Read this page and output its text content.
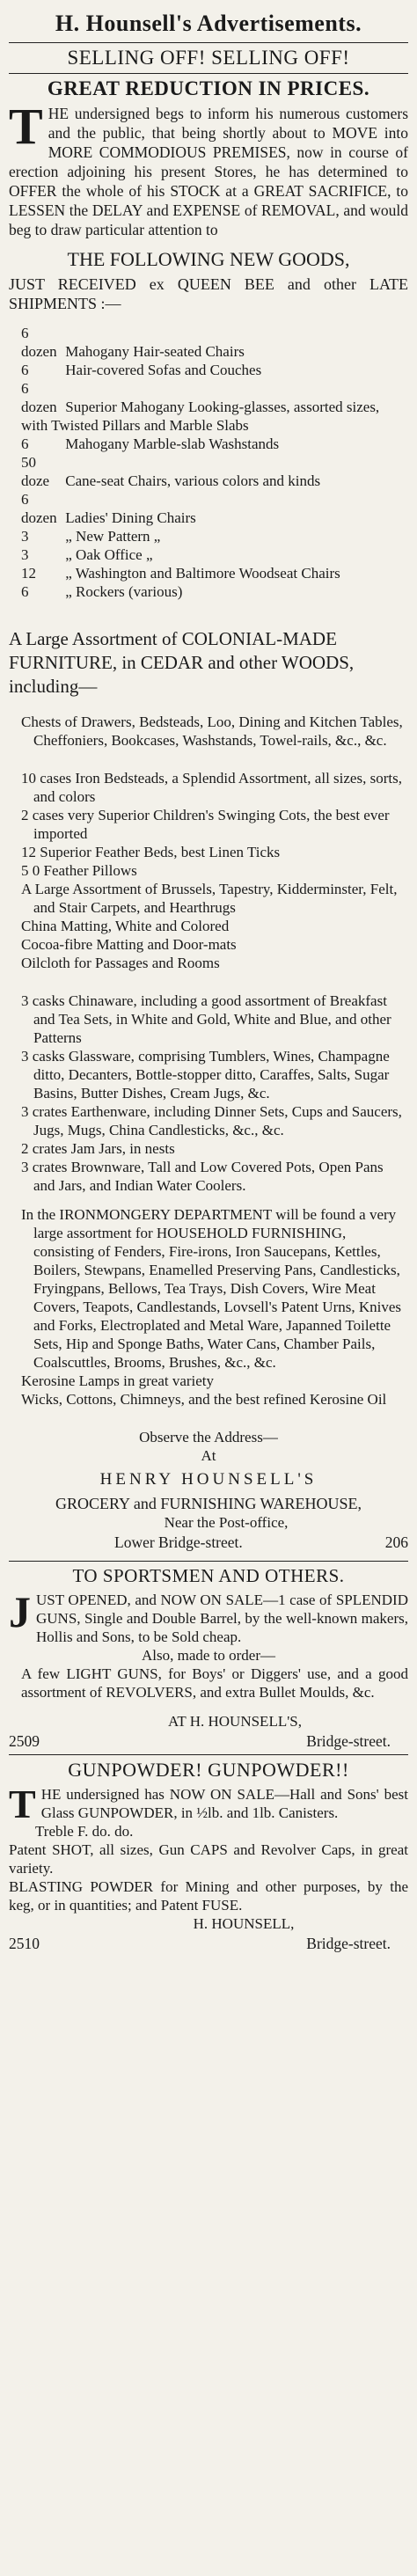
H. Hounsell's Advertisements.
SELLING OFF! SELLING OFF!
GREAT REDUCTION IN PRICES.

THE undersigned begs to inform his numerous customers and the public, that being shortly about to MOVE into MORE COMMODIOUS PREMISES, now in course of erection adjoining his present Stores, he has determined to OFFER the whole of his STOCK at a GREAT SACRIFICE, to LESSEN the DELAY and EXPENSE of REMOVAL, and would beg to draw particular attention to

THE FOLLOWING NEW GOODS,

JUST RECEIVED ex QUEEN BEE and other LATE SHIPMENTS :—

6 dozen Mahogany Hair-seated Chairs

6 Hair-covered Sofas and Couches

6 dozen Superior Mahogany Looking-glasses, assorted sizes, with Twisted Pillars and Marble Slabs

6 Mahogany Marble-slab Washstands

50 doze Cane-seat Chairs, various colors and kinds

6 dozen Ladies' Dining Chairs

3 „ New Pattern „

3 „ Oak Office „

12 „ Washington and Baltimore Woodseat Chairs

6 „ Rockers (various)

A Large Assortment of COLONIAL-MADE FURNITURE, in CEDAR and other WOODS, including—

Chests of Drawers, Bedsteads, Loo, Dining and Kitchen Tables, Cheffoniers, Bookcases, Washstands, Towel-rails, &c., &c.

10 cases Iron Bedsteads, a Splendid Assortment, all sizes, sorts, and colors

2 cases very Superior Children's Swinging Cots, the best ever imported

12 Superior Feather Beds, best Linen Ticks

5 0 Feather Pillows

A Large Assortment of Brussels, Tapestry, Kidderminster, Felt, and Stair Carpets, and Hearthrugs

China Matting, White and Colored

Cocoa-fibre Matting and Door-mats

Oilcloth for Passages and Rooms

3 casks Chinaware, including a good assortment of Breakfast and Tea Sets, in White and Gold, White and Blue, and other Patterns

3 casks Glassware, comprising Tumblers, Wines, Champagne ditto, Decanters, Bottle-stopper ditto, Caraffes, Salts, Sugar Basins, Butter Dishes, Cream Jugs, &c.

3 crates Earthenware, including Dinner Sets, Cups and Saucers, Jugs, Mugs, China Candlesticks, &c., &c.

2 crates Jam Jars, in nests

3 crates Brownware, Tall and Low Covered Pots, Open Pans and Jars, and Indian Water Coolers.

In the IRONMONGERY DEPARTMENT will be found a very large assortment for HOUSEHOLD FURNISHING, consisting of Fenders, Fire-irons, Iron Saucepans, Kettles, Boilers, Stewpans, Enamelled Preserving Pans, Candlesticks, Fryingpans, Bellows, Tea Trays, Dish Covers, Wire Meat Covers, Teapots, Candlestands, Lovsell's Patent Urns, Knives and Forks, Electroplated and Metal Ware, Japanned Toilette Sets, Hip and Sponge Baths, Water Cans, Chamber Pails, Coalscuttles, Brooms, Brushes, &c., &c.

Kerosine Lamps in great variety

Wicks, Cottons, Chimneys, and the best refined Kerosine Oil

Observe the Address—
At
HENRY HOUNSELL'S
GROCERY and FURNISHING WAREHOUSE,
Near the Post-office,
Lower Bridge-street.	206
TO SPORTSMEN AND OTHERS.

JUST OPENED, and NOW ON SALE—1 case of SPLENDID GUNS, Single and Double Barrel, by the well-known makers, Hollis and Sons, to be Sold cheap.

Also, made to order—

A few LIGHT GUNS, for Boys' or Diggers' use, and a good assortment of REVOLVERS, and extra Bullet Moulds, &c.

AT H. HOUNSELL'S,
2509	Bridge-street.
GUNPOWDER! GUNPOWDER!!

THE undersigned has NOW ON SALE—Hall and Sons' best Glass GUNPOWDER, in ½lb. and 1lb. Canisters.

Treble F. do. do.

Patent SHOT, all sizes, Gun CAPS and Revolver Caps, in great variety.

BLASTING POWDER for Mining and other purposes, by the keg, or in quantities; and Patent FUSE.

H. HOUNSELL,
2510	Bridge-street.
